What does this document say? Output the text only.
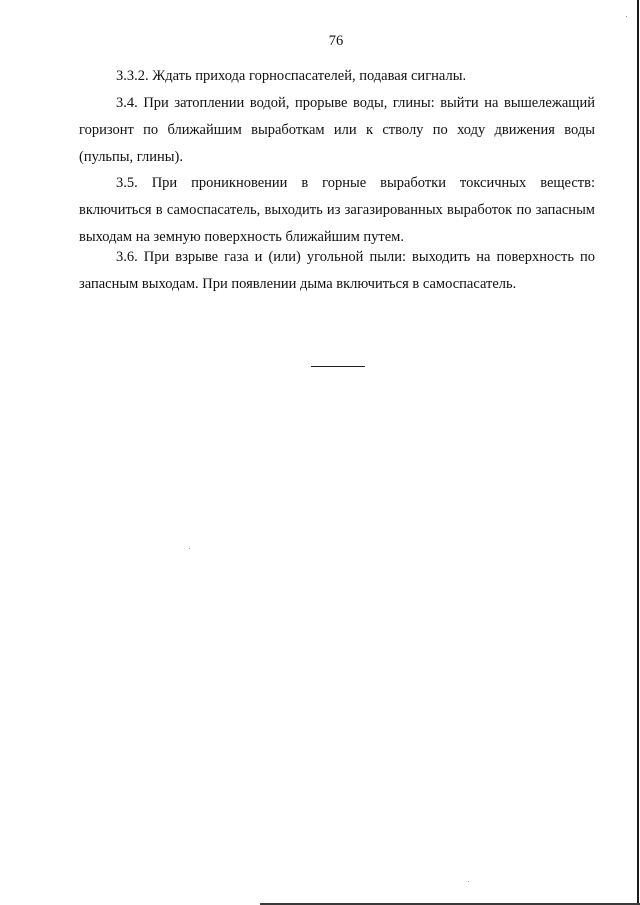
76

3.3.2. Ждать прихода горноспасателей, подавая сигналы.

3.4. При затоплении водой, прорыве воды, глины: выйти на вышележащий горизонт по ближайшим выработкам или к стволу по ходу движения воды (пульпы, глины).

3.5. При проникновении в горные выработки токсичных веществ: включиться в самоспасатель, выходить из загазированных выработок по запасным выходам на земную поверхность ближайшим путем.

3.6. При взрыве газа и (или) угольной пыли: выходить на поверхность по запасным выходам. При появлении дыма включиться в самоспасатель.
